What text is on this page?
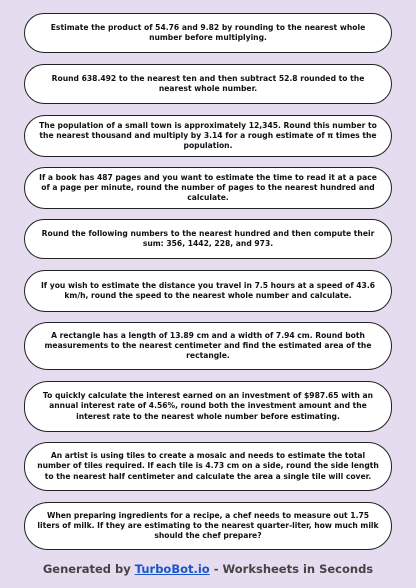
Estimate the product of 54.76 and 9.82 by rounding to the nearest whole number before multiplying.

Round 638.492 to the nearest ten and then subtract 52.8 rounded to the nearest whole number.

The population of a small town is approximately 12,345. Round this number to the nearest thousand and multiply by 3.14 for a rough estimate of π times the population.

If a book has 487 pages and you want to estimate the time to read it at a pace of a page per minute, round the number of pages to the nearest hundred and calculate.

Round the following numbers to the nearest hundred and then compute their sum: 356, 1442, 228, and 973.

If you wish to estimate the distance you travel in 7.5 hours at a speed of 43.6 km/h, round the speed to the nearest whole number and calculate.

A rectangle has a length of 13.89 cm and a width of 7.94 cm. Round both measurements to the nearest centimeter and find the estimated area of the rectangle.

To quickly calculate the interest earned on an investment of $987.65 with an annual interest rate of 4.56%, round both the investment amount and the interest rate to the nearest whole number before estimating.

An artist is using tiles to create a mosaic and needs to estimate the total number of tiles required. If each tile is 4.73 cm on a side, round the side length to the nearest half centimeter and calculate the area a single tile will cover.

When preparing ingredients for a recipe, a chef needs to measure out 1.75 liters of milk. If they are estimating to the nearest quarter-liter, how much milk should the chef prepare?

Generated by TurboBot.io - Worksheets in Seconds
